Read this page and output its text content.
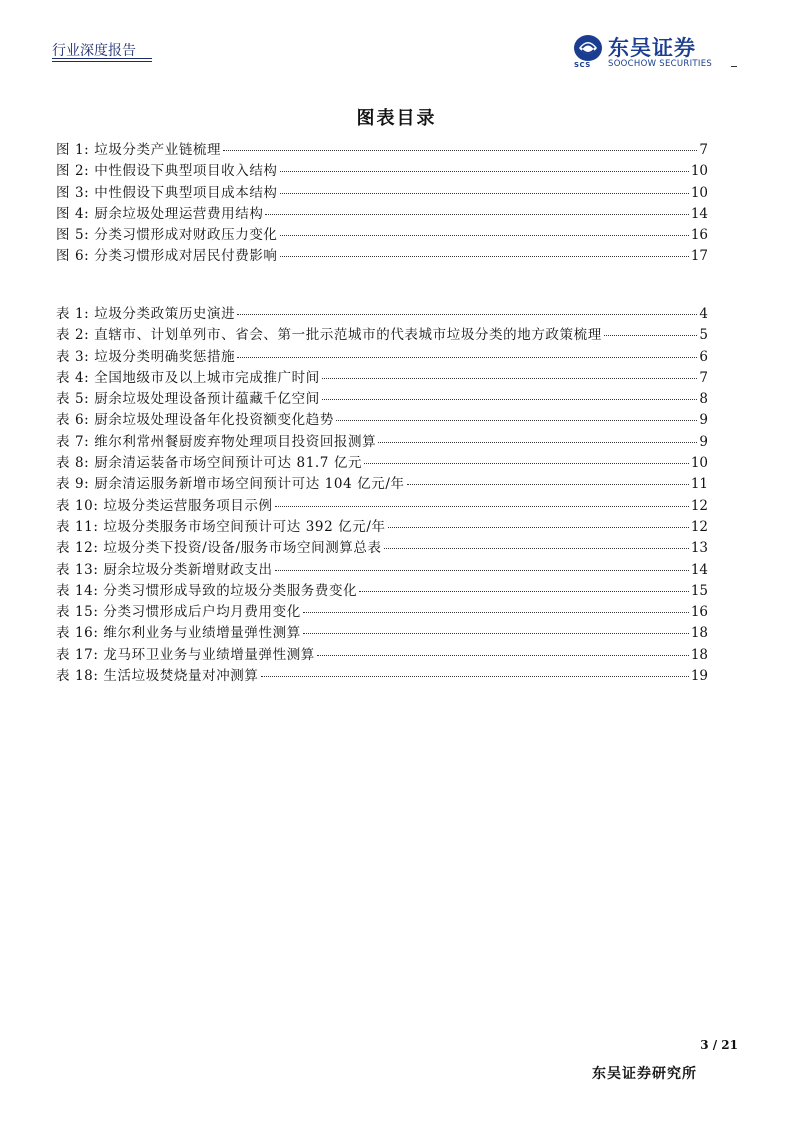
行业深度报告
SCS
东吴证券
SOOCHOW SECURITIES
图表目录
图 1: 垃圾分类产业链梳理	7
图 2: 中性假设下典型项目收入结构	10
图 3: 中性假设下典型项目成本结构	10
图 4: 厨余垃圾处理运营费用结构	14
图 5: 分类习惯形成对财政压力变化	16
图 6: 分类习惯形成对居民付费影响	17
表 1: 垃圾分类政策历史演进	4
表 2: 直辖市、计划单列市、省会、第一批示范城市的代表城市垃圾分类的地方政策梳理	5
表 3: 垃圾分类明确奖惩措施	6
表 4: 全国地级市及以上城市完成推广时间	7
表 5: 厨余垃圾处理设备预计蕴藏千亿空间	8
表 6: 厨余垃圾处理设备年化投资额变化趋势	9
表 7: 维尔利常州餐厨废弃物处理项目投资回报测算	9
表 8: 厨余清运装备市场空间预计可达 81.7 亿元	10
表 9: 厨余清运服务新增市场空间预计可达 104 亿元/年	11
表 10: 垃圾分类运营服务项目示例	12
表 11: 垃圾分类服务市场空间预计可达 392 亿元/年	12
表 12: 垃圾分类下投资/设备/服务市场空间测算总表	13
表 13: 厨余垃圾分类新增财政支出	14
表 14: 分类习惯形成导致的垃圾分类服务费变化	15
表 15: 分类习惯形成后户均月费用变化	16
表 16: 维尔利业务与业绩增量弹性测算	18
表 17: 龙马环卫业务与业绩增量弹性测算	18
表 18: 生活垃圾焚烧量对冲测算	19
3 / 21
东吴证券研究所
